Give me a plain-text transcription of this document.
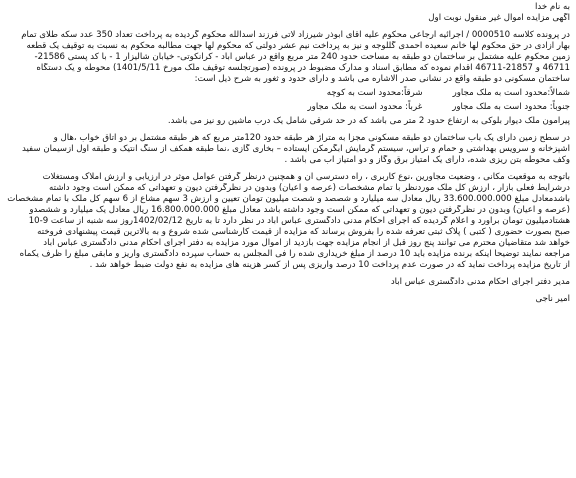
به نام خدا
آگهی مزایده اموال غیر منقول نوبت اول
در پرونده کلاسه 0000510 / اجرائیه ارجاعی محکوم علیه آقای ابوذر شیرزاد لاتی فرزند اسدالله محکوم گردیده به پرداخت تعداد 350 عدد سکه طلای تمام
بهار آزادی در حق محکوم لها خانم سعیده احمدی گللوجه و نیز به پرداخت نیم عشر دولتی که محکوم لها جهت مطالبه محکوم به نسبت به توقیف یک قطعه
زمین محکوم علیه مشتمل بر ساختمان دو طبقه به مساحت حدود 240 متر مربع واقع در عباس آباد - کرانکوتی- خیابان شالیزار 1 - با کد پستی 21586-
46711 و 21857-46711 اقدام نموده که مطابق اسناد و مدارک مضبوط در پرونده (صورتجلسه توقیف ملک مورخ 1401/5/11) محوطه و یک دستگاه
ساختمان مسکونی دو طبقه واقع در نشانی صدر الاشاره می باشد و دارای حدود و ثغور به شرح ذیل است:
شمالاً:محدود است به ملک مجاور
شرقاً:محدود است به کوچه
جنوباً: محدود است به ملک مجاور
غرباً: محدود است به ملک مجاور
پیرامون ملک دیوار بلوکی به ارتفاع حدود 2 متر می باشد که در حد شرقی شامل یک درب ماشین رو نیز می باشد.
در سطح زمین دارای یک باب ساختمان دو طبقه مسکونی مجزا به متراژ هر طبقه حدود 120متر مربع که هر طبقه مشتمل بر دو اتاق خواب ،هال و
آشپزخانه و سرویس بهداشتی و حمام و تراس، سیستم گرمایش آبگرمکن ایستاده – بخاری گازی ،نما طبقه همکف از سنگ آنتیک و طبقه اول ازسیمان سفید
وکف محوطه بتن ریزی شده، دارای یک امتیاز برق وگاز و دو امتیاز آب می باشد .
باتوجه به موقعیت مکانی ، وضعیت مجاورین ،نوع کاربری ، راه دسترسی آن و همچنین درنظر گرفتن عوامل موثر در ارزیابی و ارزش املاک ومستغلات
درشرایط فعلی بازار ، ارزش کل ملک موردنظر با تمام مشخصات (عرصه و اعیان) وبدون در نظرگرفتن دیون و تعهداتی که ممکن است وجود داشته
باشدمعادل مبلغ 33.600.000.000 ریال معادل سه میلیارد و شصصد و شصت میلیون تومان تعیین و ارزش 3 سهم مشاع از 6 سهم کل ملک با تمام مشخصات
(عرصه و اعیان) وبدون در نظرگرفتن دیون و تعهداتی که ممکن است وجود داشته باشد معادل مبلغ 16.800.000.000 ریال معادل یک میلیارد و ششصدو
هشتادمیلیون تومان براورد و اعلام گردیده که اجرای احکام مدنی دادگستری عباس آباد در نظر دارد تا به تاریخ 1402/02/12روز سه شنبه از ساعت 9-10
صبح بصورت حضوری ( کتبی ) پلاک ثبتی تعرفه شده را بفروش برساند که مزایده از قیمت کارشناسی شده شروع و به بالاترین قیمت پیشنهادی فروخته
خواهد شد متقاضیان محترم می توانند پنج روز قبل از انجام مزایده جهت بازدید از اموال مورد مزایده به دفتر اجرای احکام مدنی دادگستری عباس آباد
مراجعه نمایند توضیحا اینکه برنده مزایده باید 10 درصد از مبلغ خریداری شده را فی المجلس به حساب سپرده دادگستری واریز و مابقی مبلغ را ظرف یکماه
از تاریخ مزایده پرداخت نماید که در صورت عدم پرداخت 10 درصد واریزی پس از کسر هزینه های مزایده به نفع دولت ضبط خواهد شد .
مدیر دفتر اجرای احکام مدنی دادگستری عباس آباد
امیر ناجی
